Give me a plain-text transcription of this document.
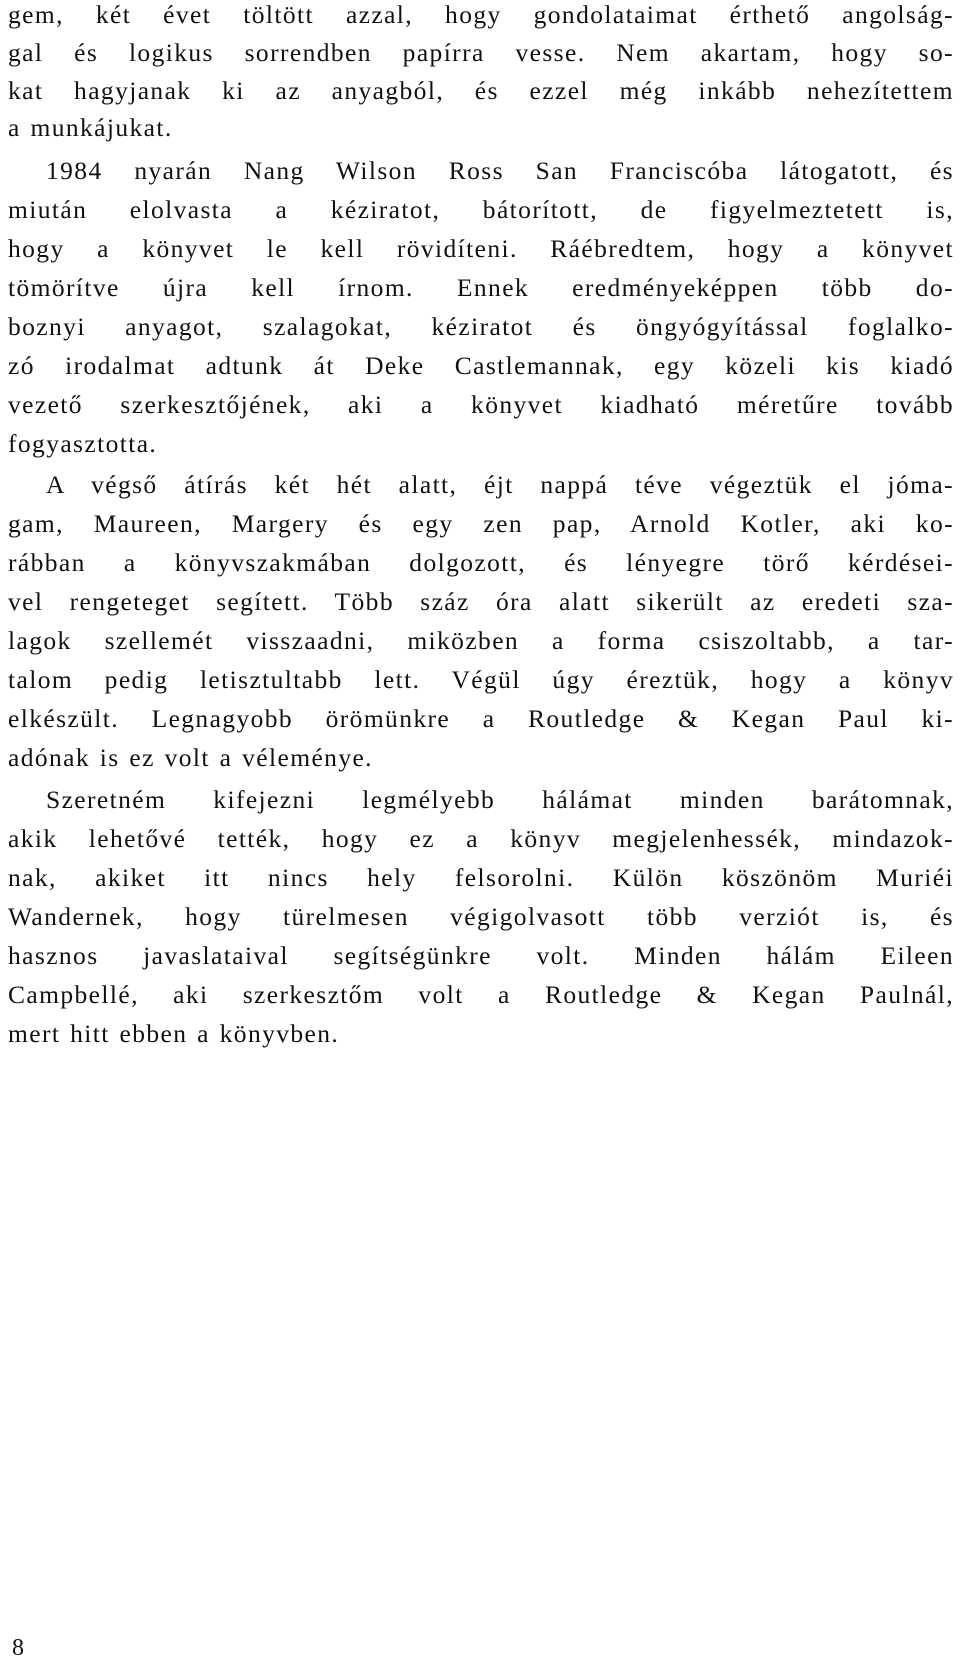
gem, két évet töltött azzal, hogy gondolataimat érthető angolság-
gal és logikus sorrendben papírra vesse. Nem akartam, hogy so-
kat hagyjanak ki az anyagból, és ezzel még inkább nehezítettem
a munkájukat.
1984 nyarán Nang Wilson Ross San Franciscóba látogatott, és
miután elolvasta a kéziratot, bátorított, de figyelmeztetett is,
hogy a könyvet le kell rövidíteni. Ráébredtem, hogy a könyvet
tömörítve újra kell írnom. Ennek eredményeképpen több do-
boznyi anyagot, szalagokat, kéziratot és öngyógyítással foglalko-
zó irodalmat adtunk át Deke Castlemannak, egy közeli kis kiadó
vezető szerkesztőjének, aki a könyvet kiadható méretűre tovább
fogyasztotta.
A végső átírás két hét alatt, éjt nappá téve végeztük el jóma-
gam, Maureen, Margery és egy zen pap, Arnold Kotler, aki ko-
rábban a könyvszakmában dolgozott, és lényegre törő kérdései-
vel rengeteget segített. Több száz óra alatt sikerült az eredeti sza-
lagok szellemét visszaadni, miközben a forma csiszoltabb, a tar-
talom pedig letisztultabb lett. Végül úgy éreztük, hogy a könyv
elkészült. Legnagyobb örömünkre a Routledge & Kegan Paul ki-
adónak is ez volt a véleménye.
Szeretném kifejezni legmélyebb hálámat minden barátomnak,
akik lehetővé tették, hogy ez a könyv megjelenhessék, mindazok-
nak, akiket itt nincs hely felsorolni. Külön köszönöm Muriéi
Wandernek, hogy türelmesen végigolvasott több verziót is, és
hasznos javaslataival segítségünkre volt. Minden hálám Eileen
Campbellé, aki szerkesztőm volt a Routledge & Kegan Paulnál,
mert hitt ebben a könyvben.
8
